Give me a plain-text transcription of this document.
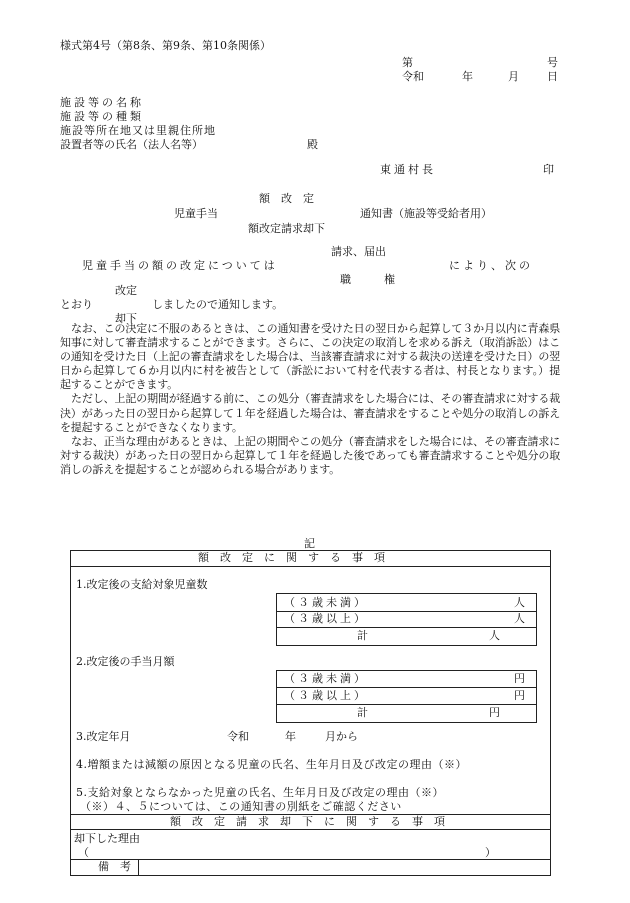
様式第4号（第8条、第9条、第10条関係）
第	号
令和	年	月	日
施設等の名称
施設等の種類
施設等所在地又は里親住所地
設置者等の氏名（法人名等）	殿
東通村長	印
額　改　定
児童手当	通知書（施設等受給者用）
額改定請求却下
請求、届出
児童手当の額の改定については
職　　　権
により、次の
改定
とおり
却下
しましたので通知します。

なお、この決定に不服のあるときは、この通知書を受けた日の翌日から起算して３か月以内に青森県知事に対して審査請求することができます。さらに、この決定の取消しを求める訴え（取消訴訟）はこの通知を受けた日（上記の審査請求をした場合は、当該審査請求に対する裁決の送達を受けた日）の翌日から起算して６か月以内に村を被告として（訴訟において村を代表する者は、村長となります。）提起することができます。

ただし、上記の期間が経過する前に、この処分（審査請求をした場合には、その審査請求に対する裁決）があった日の翌日から起算して１年を経過した場合は、審査請求をすることや処分の取消しの訴えを提起することができなくなります。

なお、正当な理由があるときは、上記の期間やこの処分（審査請求をした場合には、その審査請求に対する裁決）があった日の翌日から起算して１年を経過した後であっても審査請求することや処分の取消しの訴えを提起することが認められる場合があります。

記
額　改　定　に　関　す　る　事　項
1.改定後の支給対象児童数
（３歳未満）	人
（３歳以上）	人
計	人
2.改定後の手当月額
（３歳未満）	円
（３歳以上）	円
計	円
3.改定年月	令和	年	月から
4.増額または減額の原因となる児童の氏名、生年月日及び改定の理由（※）
5.支給対象とならなかった児童の氏名、生年月日及び改定の理由（※）
（※）４、５については、この通知書の別紙をご確認ください
額　改　定　請　求　却　下　に　関　す　る　事　項
却下した理由
（	）
備　考
